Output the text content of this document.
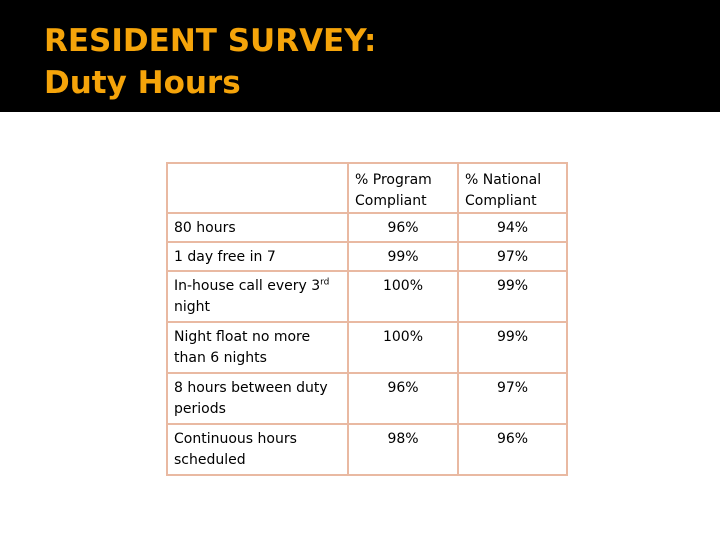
RESIDENT SURVEY:
Duty Hours
	% Program Compliant	% National Compliant
80 hours	96%	94%
1 day free in 7	99%	97%
In-house call every 3rd night	100%	99%
Night float no more than 6 nights	100%	99%
8 hours between duty periods	96%	97%
Continuous hours scheduled	98%	96%
